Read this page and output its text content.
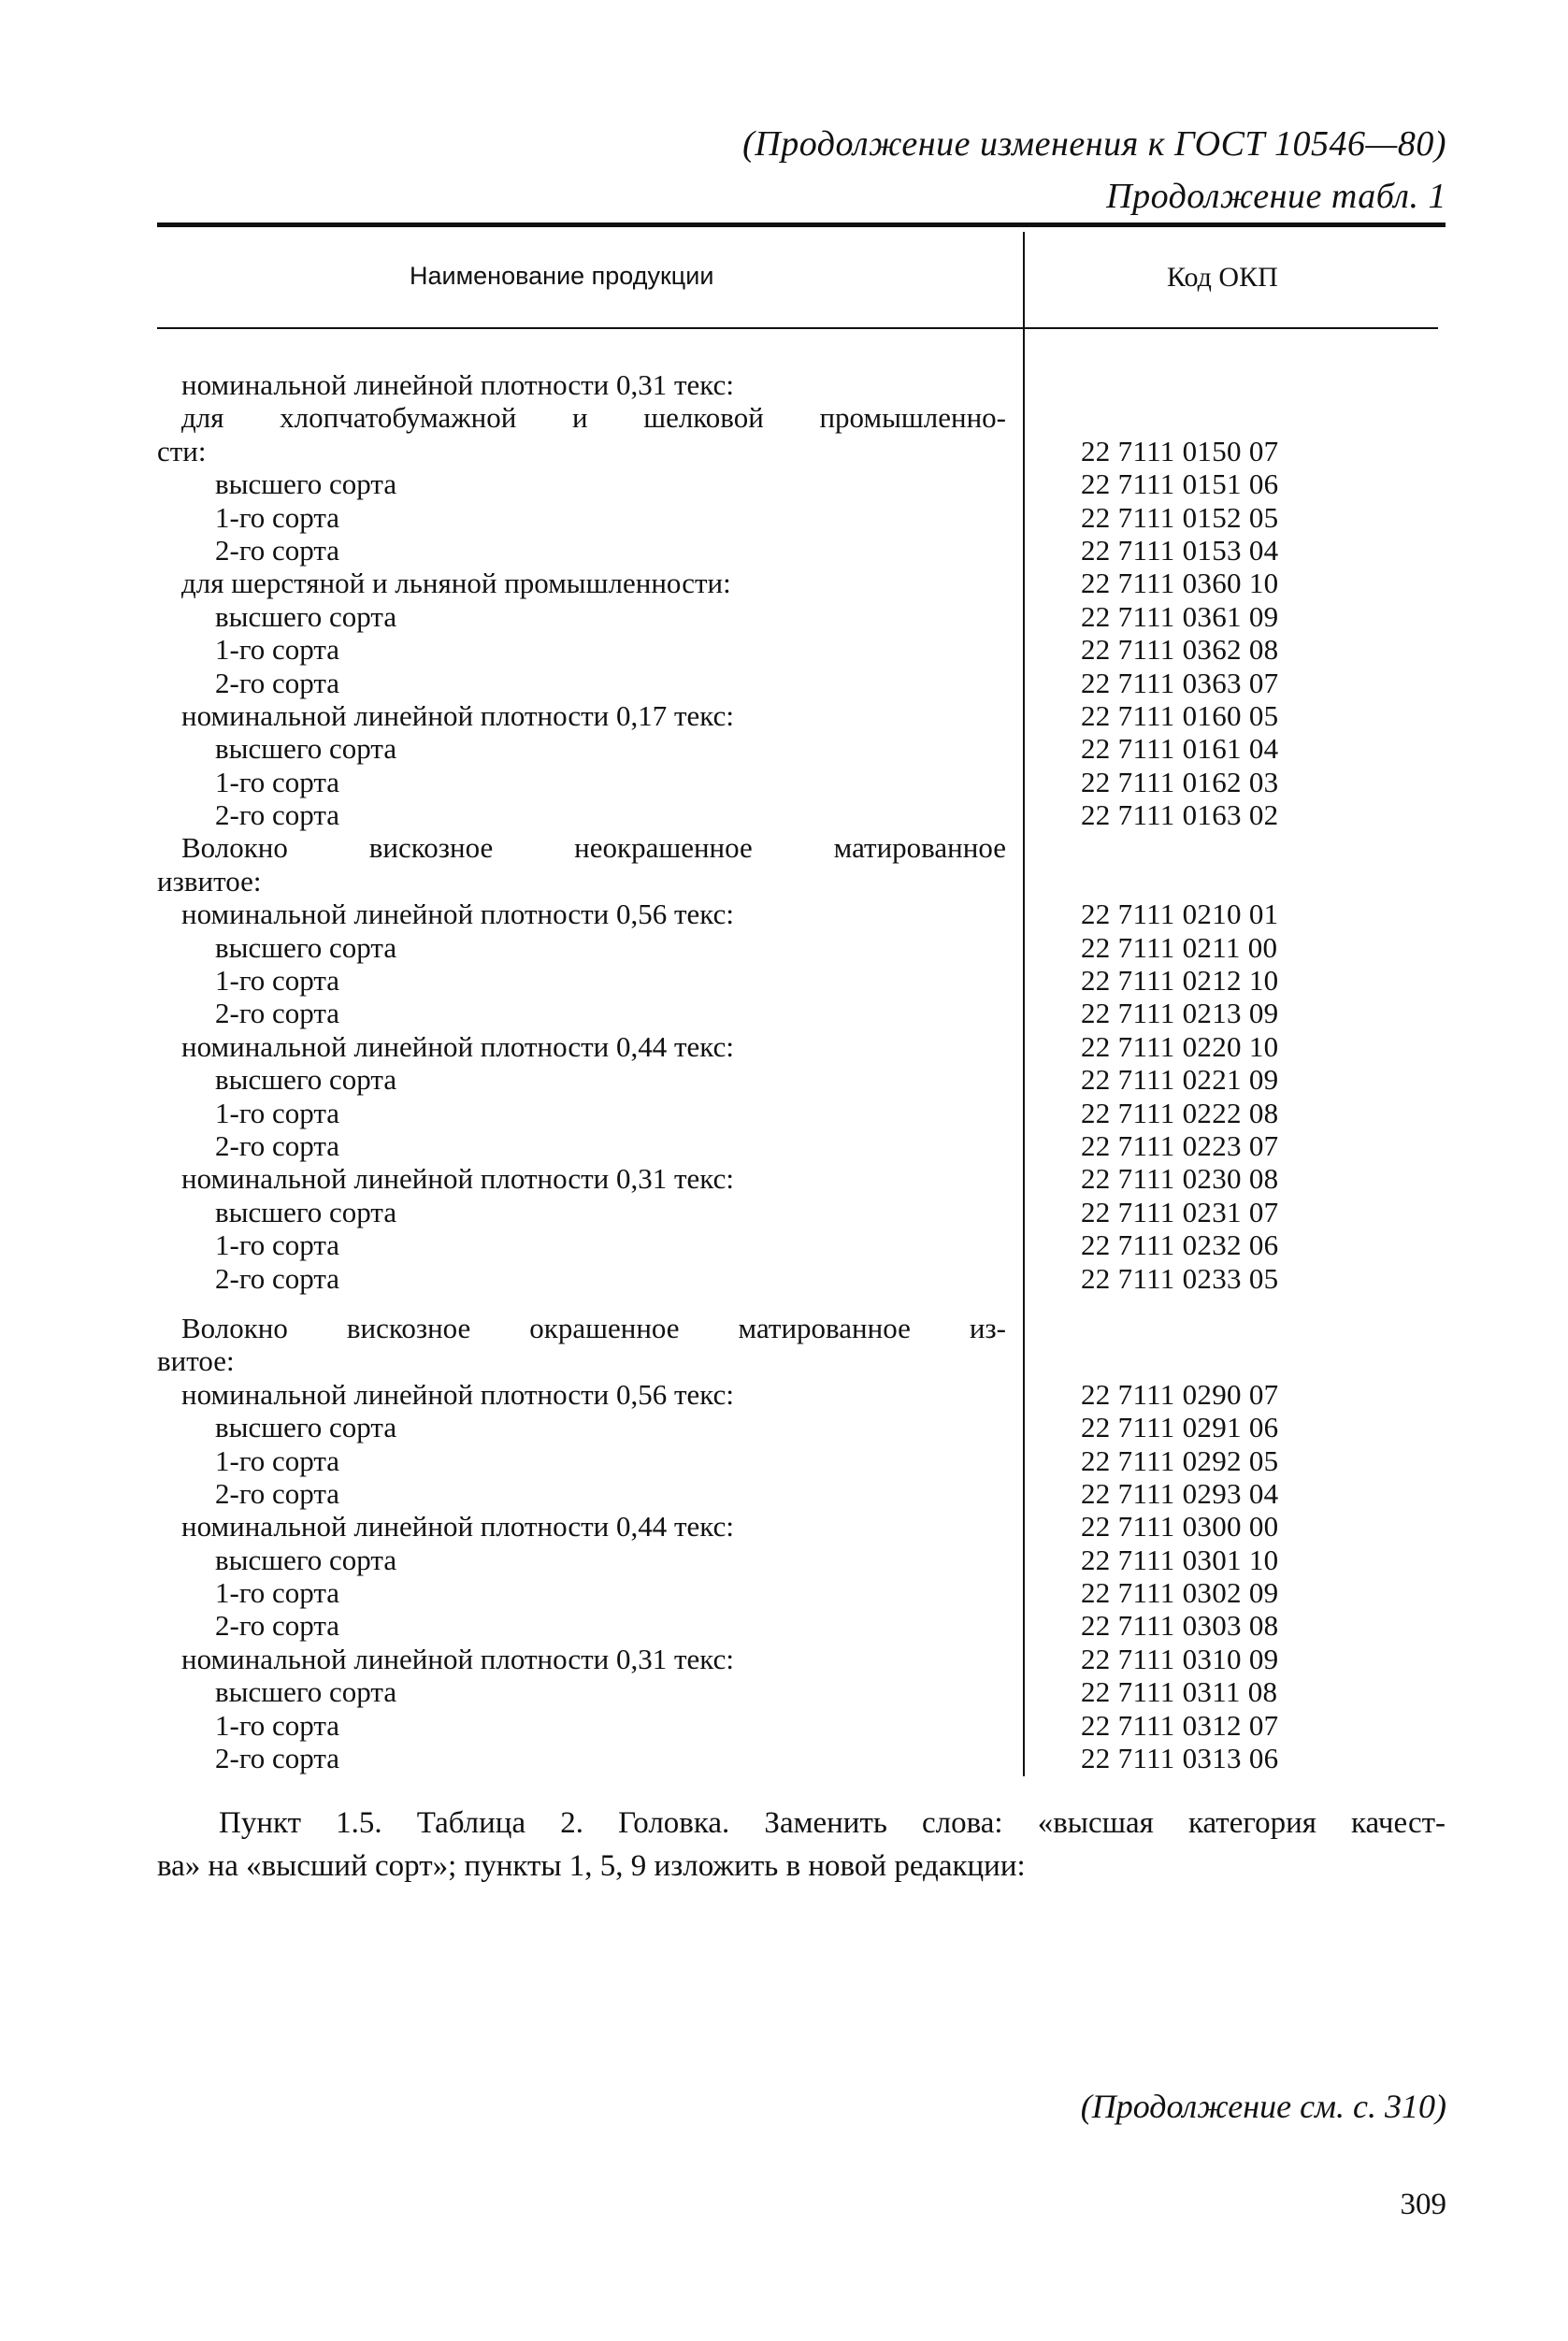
(Продолжение изменения к ГОСТ 10546—80)
Продолжение табл. 1
Наименование продукции	Код ОКП
номинальной линейной плотности 0,31 текс:
для хлопчатобумажной и шелковой промышленно-
сти:	22 7111 0150 07
высшего сорта	22 7111 0151 06
1-го сорта	22 7111 0152 05
2-го сорта	22 7111 0153 04
для шерстяной и льняной промышленности:	22 7111 0360 10
высшего сорта	22 7111 0361 09
1-го сорта	22 7111 0362 08
2-го сорта	22 7111 0363 07
номинальной линейной плотности 0,17 текс:	22 7111 0160 05
высшего сорта	22 7111 0161 04
1-го сорта	22 7111 0162 03
2-го сорта	22 7111 0163 02
Волокно вискозное неокрашенное матированное
извитое:
номинальной линейной плотности 0,56 текс:	22 7111 0210 01
высшего сорта	22 7111 0211 00
1-го сорта	22 7111 0212 10
2-го сорта	22 7111 0213 09
номинальной линейной плотности 0,44 текс:	22 7111 0220 10
высшего сорта	22 7111 0221 09
1-го сорта	22 7111 0222 08
2-го сорта	22 7111 0223 07
номинальной линейной плотности 0,31 текс:	22 7111 0230 08
высшего сорта	22 7111 0231 07
1-го сорта	22 7111 0232 06
2-го сорта	22 7111 0233 05
Волокно вискозное окрашенное матированное из-
витое:
номинальной линейной плотности 0,56 текс:	22 7111 0290 07
высшего сорта	22 7111 0291 06
1-го сорта	22 7111 0292 05
2-го сорта	22 7111 0293 04
номинальной линейной плотности 0,44 текс:	22 7111 0300 00
высшего сорта	22 7111 0301 10
1-го сорта	22 7111 0302 09
2-го сорта	22 7111 0303 08
номинальной линейной плотности 0,31 текс:	22 7111 0310 09
высшего сорта	22 7111 0311 08
1-го сорта	22 7111 0312 07
2-го сорта	22 7111 0313 06
Пункт 1.5. Таблица 2. Головка. Заменить слова: «высшая категория качест-
ва» на «высший сорт»; пункты 1, 5, 9 изложить в новой редакции:
(Продолжение см. с. 310)
309
